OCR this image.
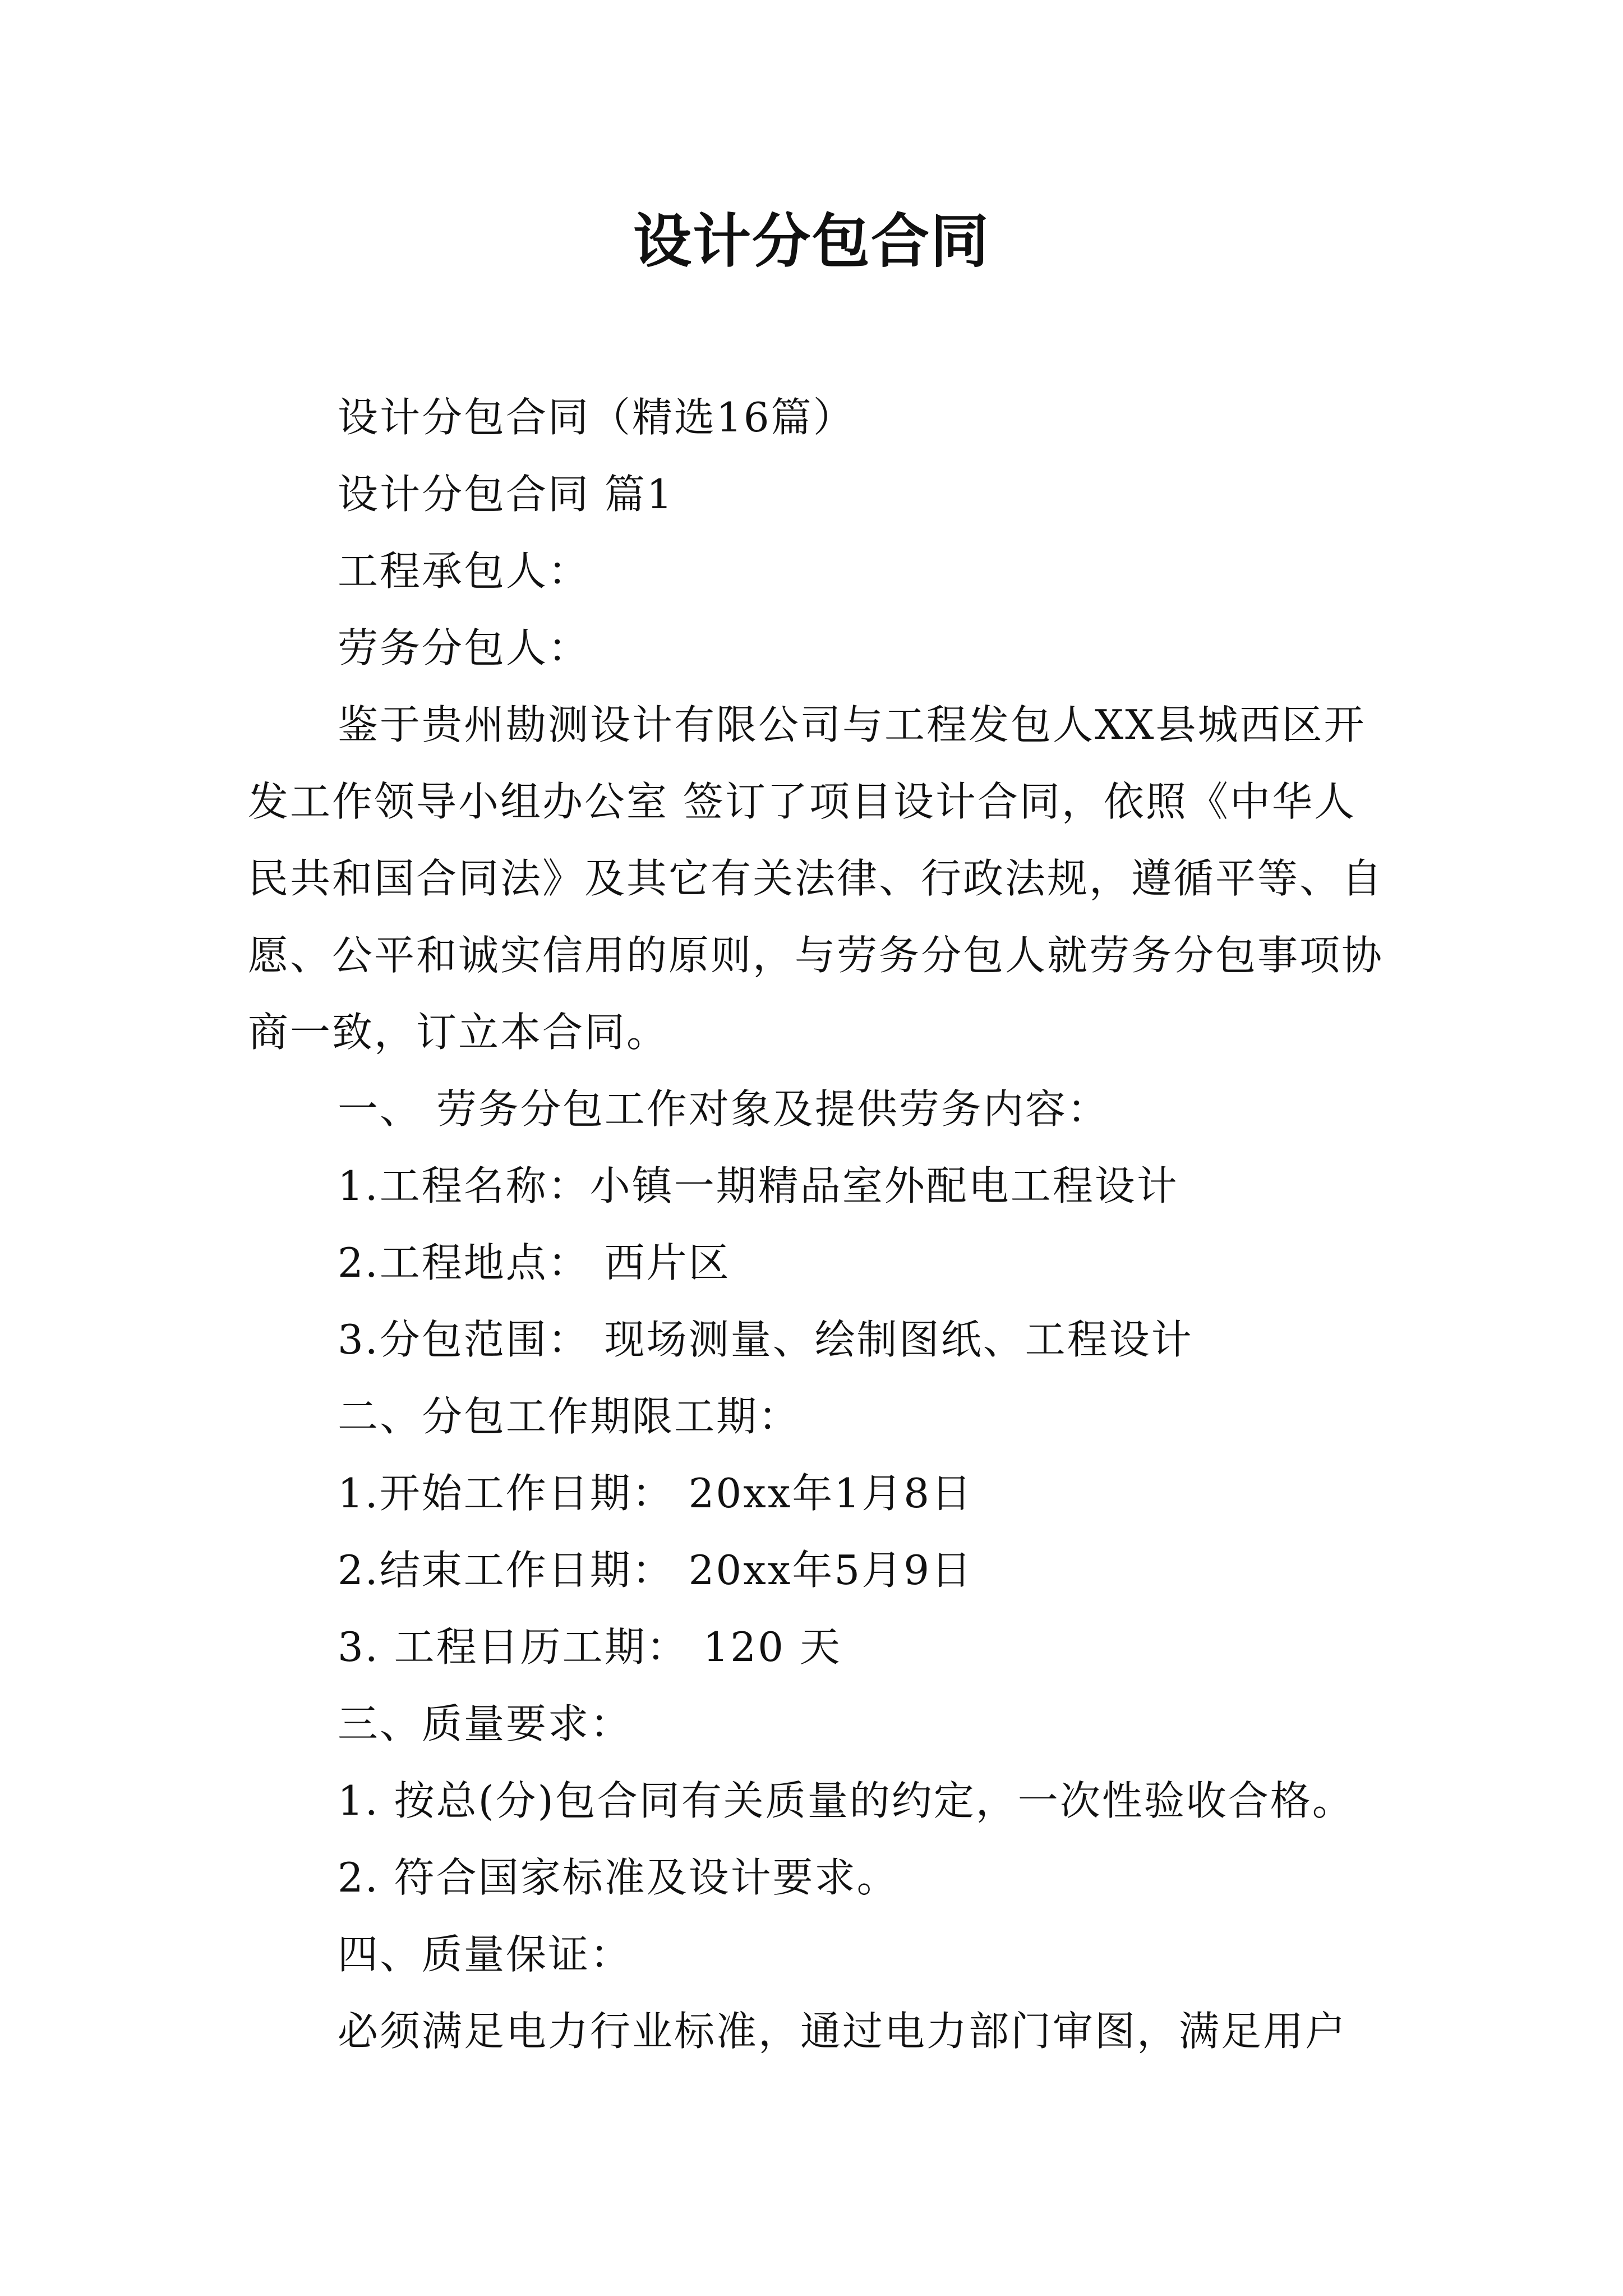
设计分包合同

设计分包合同（精选16篇）

设计分包合同 篇1

工程承包人：

劳务分包人：

鉴于贵州勘测设计有限公司与工程发包人XX县城西区开发工作领导小组办公室 签订了项目设计合同，依照《中华人民共和国合同法》及其它有关法律、行政法规，遵循平等、自愿、公平和诚实信用的原则，与劳务分包人就劳务分包事项协商一致，订立本合同。

一、 劳务分包工作对象及提供劳务内容：

1.工程名称：小镇一期精品室外配电工程设计

2.工程地点： 西片区

3.分包范围： 现场测量、绘制图纸、工程设计

二、分包工作期限工期：

1.开始工作日期： 20xx年1月8日

2.结束工作日期： 20xx年5月9日

3. 工程日历工期： 120 天

三、质量要求：

1. 按总(分)包合同有关质量的约定，一次性验收合格。

2. 符合国家标准及设计要求。

四、质量保证：

必须满足电力行业标准，通过电力部门审图，满足用户
